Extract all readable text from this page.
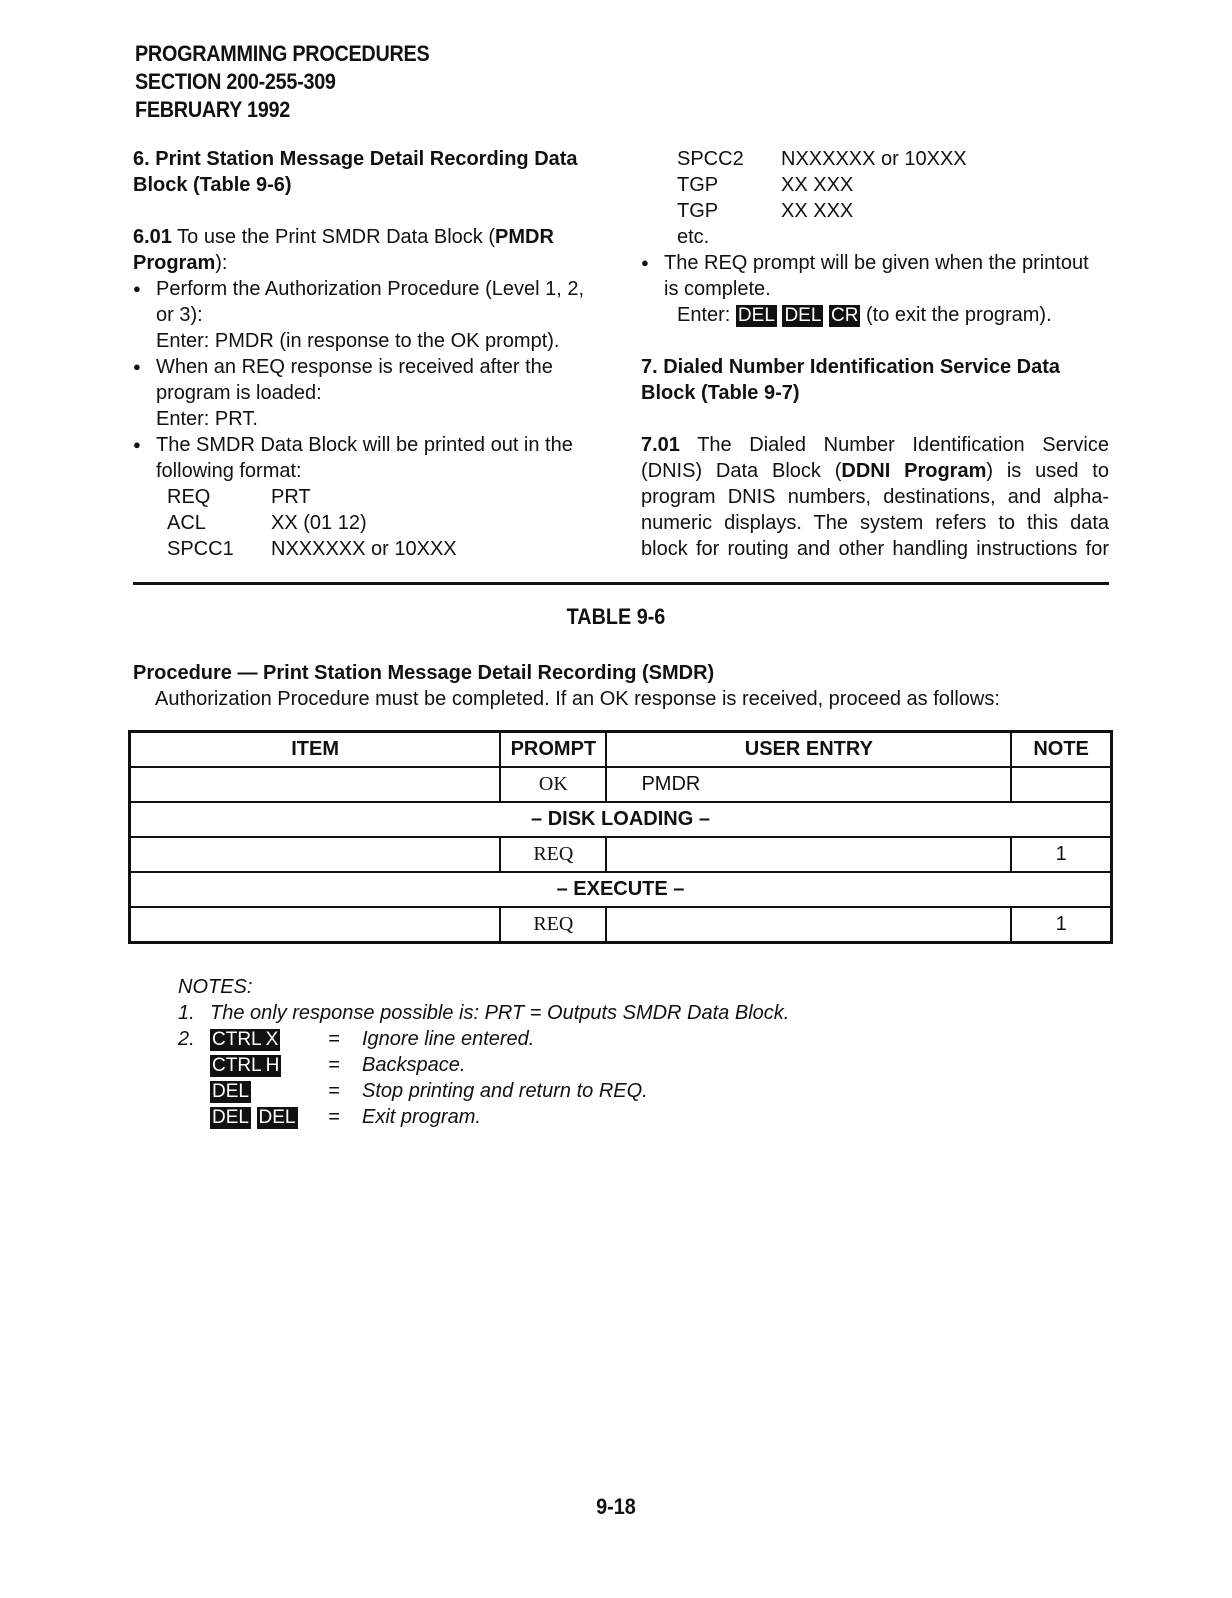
PROGRAMMING PROCEDURES
SECTION 200-255-309
FEBRUARY 1992

6. Print Station Message Detail Recording Data
Block (Table 9-6)

6.01 To use the Print SMDR Data Block (PMDR
Program):

● Perform the Authorization Procedure (Level 1, 2,
or 3):

Enter: PMDR (in response to the OK prompt).

● When an REQ response is received after the
program is loaded:

Enter: PRT.

● The SMDR Data Block will be printed out in the
following format:

REQ	PRT
ACL	XX (01 12)
SPCC1	NXXXXXX or 10XXX
SPCC2	NXXXXXX or 10XXX
TGP	XX XXX
TGP	XX XXX
etc.

● The REQ prompt will be given when the printout
is complete.

Enter: DEL DEL CR (to exit the program).

7. Dialed Number Identification Service Data
Block (Table 9-7)

7.01 The Dialed Number Identification Service
(DNIS) Data Block (DDNI Program) is used to
program DNIS numbers, destinations, and alpha-
numeric displays. The system refers to this data
block for routing and other handling instructions for
TABLE 9-6
Procedure — Print Station Message Detail Recording (SMDR)
Authorization Procedure must be completed. If an OK response is received, proceed as follows:
ITEM	PROMPT	USER ENTRY	NOTE
	OK	PMDR	
– DISK LOADING –			
	REQ		1
– EXECUTE –			
	REQ		1
NOTES:
1. The only response possible is: PRT = Outputs SMDR Data Block.
2. CTRL X	=	Ignore line entered.
CTRL H	=	Backspace.
DEL	=	Stop printing and return to REQ.
DEL DEL	=	Exit program.
9-18
